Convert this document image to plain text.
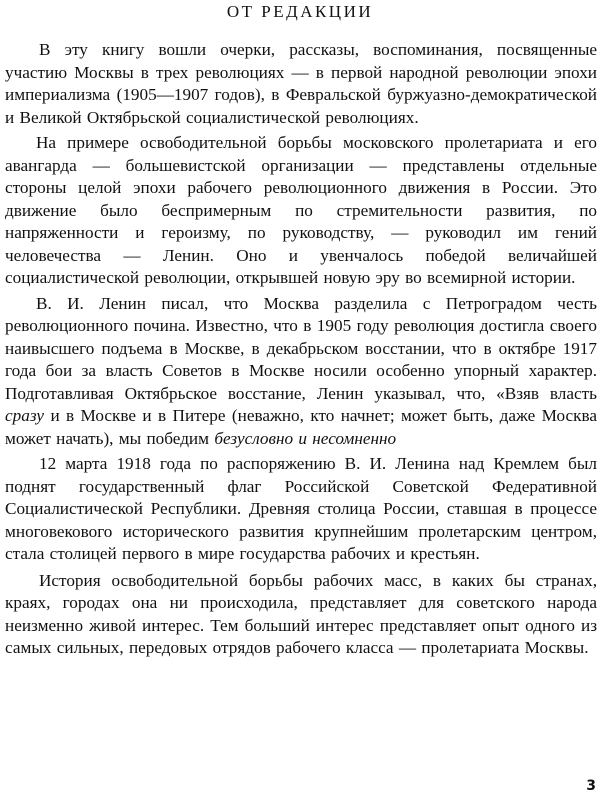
ОТ РЕДАКЦИИ

В эту книгу вошли очерки, рассказы, воспоминания, посвященные участию Москвы в трех революциях — в первой народной революции эпохи империализма (1905—1907 годов), в Февральской буржуазно-демократической и Великой Октябрьской социалистической революциях.

На примере освободительной борьбы московского пролетариата и его авангарда — большевистской организации — представлены отдельные стороны целой эпохи рабочего революционного движения в России. Это движение было беспримерным по стремительности развития, по напряженности и героизму, по руководству, — руководил им гений человечества — Ленин. Оно и увенчалось победой величайшей социалистической революции, открывшей новую эру во всемирной истории.

В. И. Ленин писал, что Москва разделила с Петроградом честь революционного почина. Известно, что в 1905 году революция достигла своего наивысшего подъема в Москве, в декабрьском восстании, что в октябре 1917 года бои за власть Советов в Москве носили особенно упорный характер. Подготавливая Октябрьское восстание, Ленин указывал, что, «Взяв власть сразу и в Москве и в Питере (неважно, кто начнет; может быть, даже Москва может начать), мы победим безусловно и несомненно

12 марта 1918 года по распоряжению В. И. Ленина над Кремлем был поднят государственный флаг Российской Советской Федеративной Социалистической Республики. Древняя столица России, ставшая в процессе многовекового исторического развития крупнейшим пролетарским центром, стала столицей первого в мире государства рабочих и крестьян.

История освободительной борьбы рабочих масс, в каких бы странах, краях, городах она ни происходила, представляет для советского народа неизменно живой интерес. Тем больший интерес представляет опыт одного из самых сильных, передовых отрядов рабочего класса — пролетариата Москвы.

3
